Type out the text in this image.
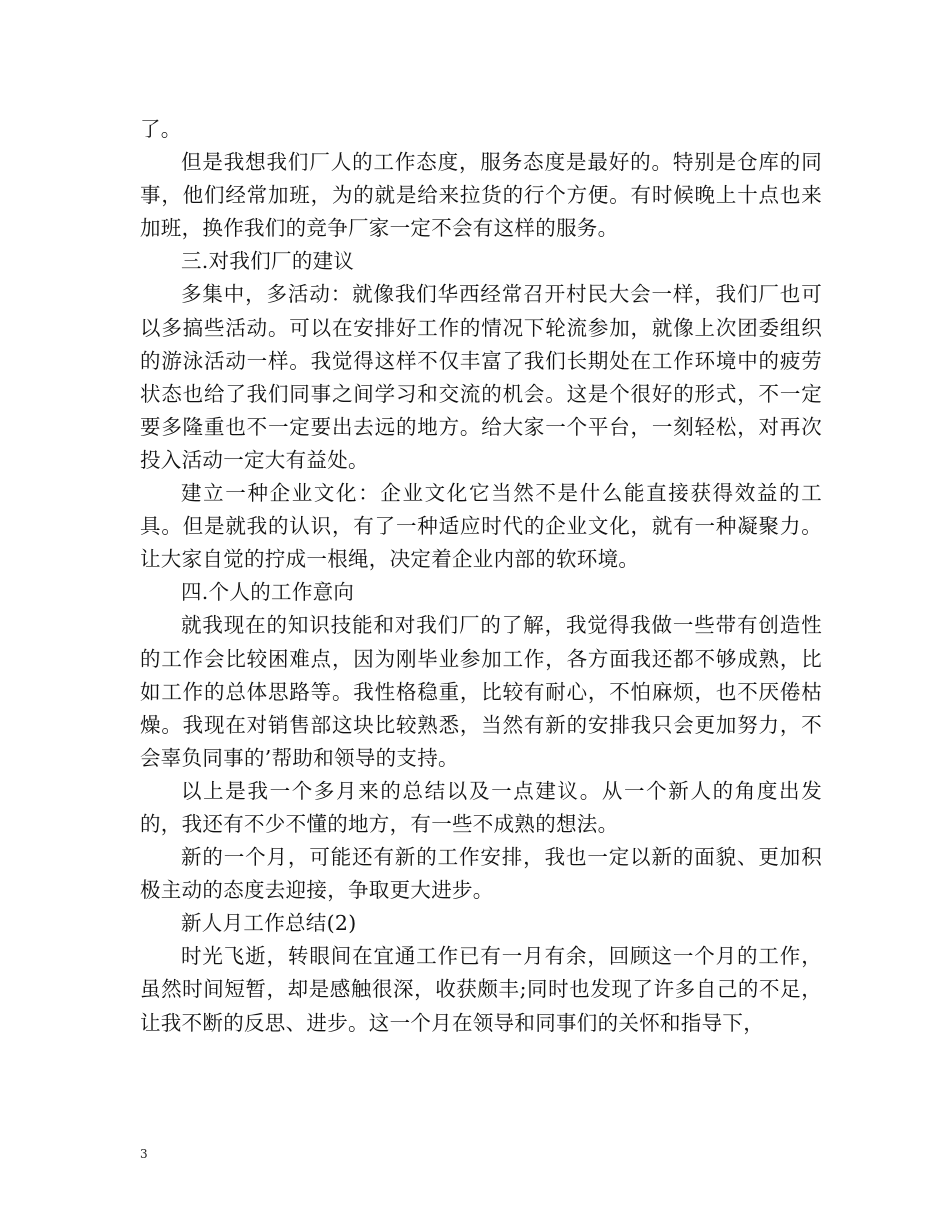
了。

但是我想我们厂人的工作态度，服务态度是最好的。特别是仓库的同事，他们经常加班，为的就是给来拉货的行个方便。有时候晚上十点也来加班，换作我们的竞争厂家一定不会有这样的服务。

三.对我们厂的建议

多集中，多活动：就像我们华西经常召开村民大会一样，我们厂也可以多搞些活动。可以在安排好工作的情况下轮流参加，就像上次团委组织的游泳活动一样。我觉得这样不仅丰富了我们长期处在工作环境中的疲劳状态也给了我们同事之间学习和交流的机会。这是个很好的形式，不一定要多隆重也不一定要出去远的地方。给大家一个平台，一刻轻松，对再次投入活动一定大有益处。

建立一种企业文化：企业文化它当然不是什么能直接获得效益的工具。但是就我的认识，有了一种适应时代的企业文化，就有一种凝聚力。让大家自觉的拧成一根绳，决定着企业内部的软环境。

四.个人的工作意向

就我现在的知识技能和对我们厂的了解，我觉得我做一些带有创造性的工作会比较困难点，因为刚毕业参加工作，各方面我还都不够成熟，比如工作的总体思路等。我性格稳重，比较有耐心，不怕麻烦，也不厌倦枯燥。我现在对销售部这块比较熟悉，当然有新的安排我只会更加努力，不会辜负同事的’帮助和领导的支持。

以上是我一个多月来的总结以及一点建议。从一个新人的角度出发的，我还有不少不懂的地方，有一些不成熟的想法。

新的一个月，可能还有新的工作安排，我也一定以新的面貌、更加积极主动的态度去迎接，争取更大进步。

新人月工作总结(2)

时光飞逝，转眼间在宜通工作已有一月有余，回顾这一个月的工作，虽然时间短暂，却是感触很深，收获颇丰;同时也发现了许多自己的不足，让我不断的反思、进步。这一个月在领导和同事们的关怀和指导下，

3
